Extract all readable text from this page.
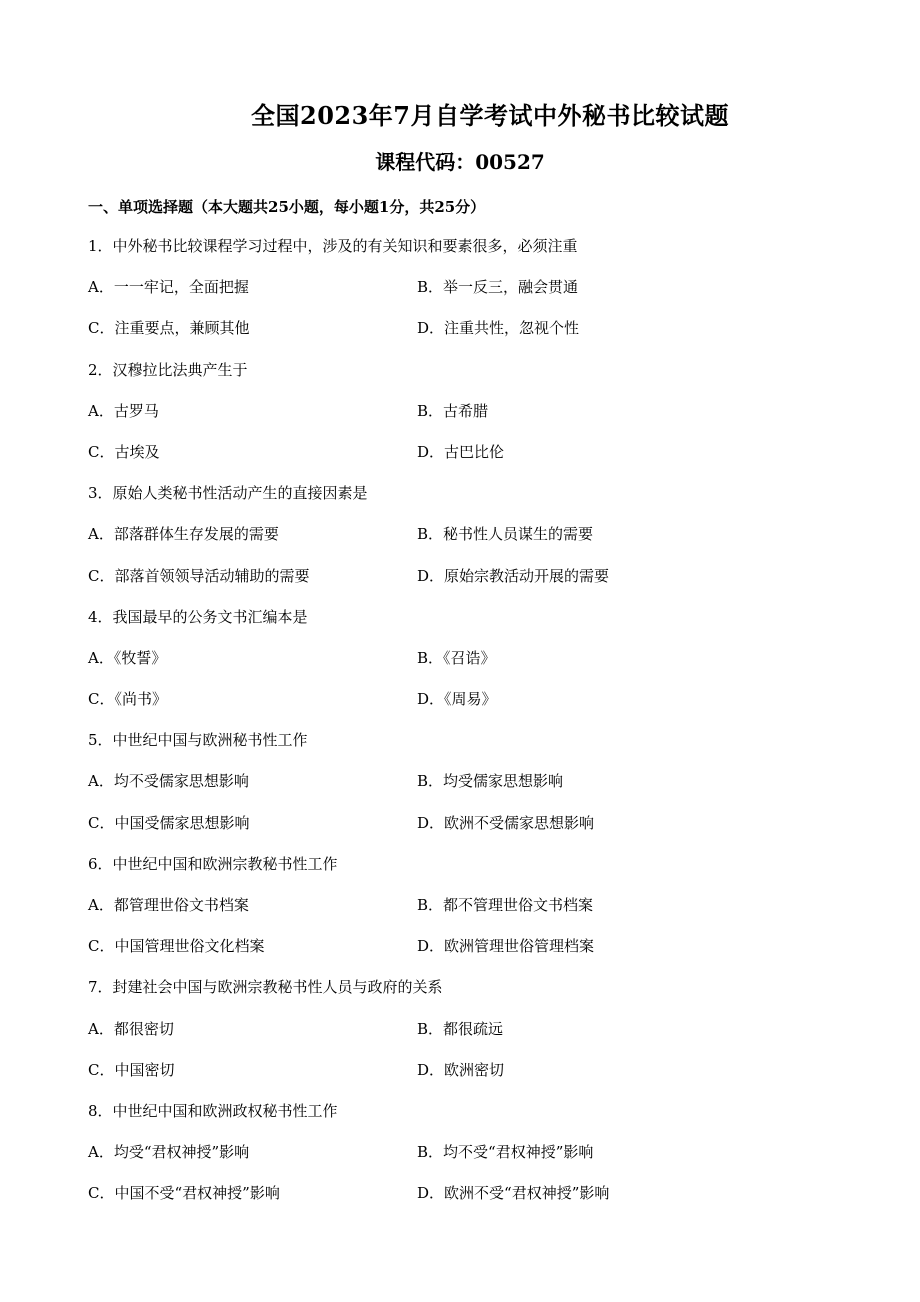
全国2023年7月自学考试中外秘书比较试题
课程代码：00527
一、单项选择题（本大题共25小题，每小题1分，共25分）
1．中外秘书比较课程学习过程中，涉及的有关知识和要素很多，必须注重
A．一一牢记，全面把握	B．举一反三，融会贯通
C．注重要点，兼顾其他	D．注重共性，忽视个性
2．汉穆拉比法典产生于
A．古罗马	B．古希腊
C．古埃及	D．古巴比伦
3．原始人类秘书性活动产生的直接因素是
A．部落群体生存发展的需要	B．秘书性人员谋生的需要
C．部落首领领导活动辅助的需要	D．原始宗教活动开展的需要
4．我国最早的公务文书汇编本是
A．《牧誓》	B．《召诰》
C．《尚书》	D．《周易》
5．中世纪中国与欧洲秘书性工作
A．均不受儒家思想影响	B．均受儒家思想影响
C．中国受儒家思想影响	D．欧洲不受儒家思想影响
6．中世纪中国和欧洲宗教秘书性工作
A．都管理世俗文书档案	B．都不管理世俗文书档案
C．中国管理世俗文化档案	D．欧洲管理世俗管理档案
7．封建社会中国与欧洲宗教秘书性人员与政府的关系
A．都很密切	B．都很疏远
C．中国密切	D．欧洲密切
8．中世纪中国和欧洲政权秘书性工作
A．均受“君权神授”影响	B．均不受“君权神授”影响
C．中国不受“君权神授”影响	D．欧洲不受“君权神授”影响
